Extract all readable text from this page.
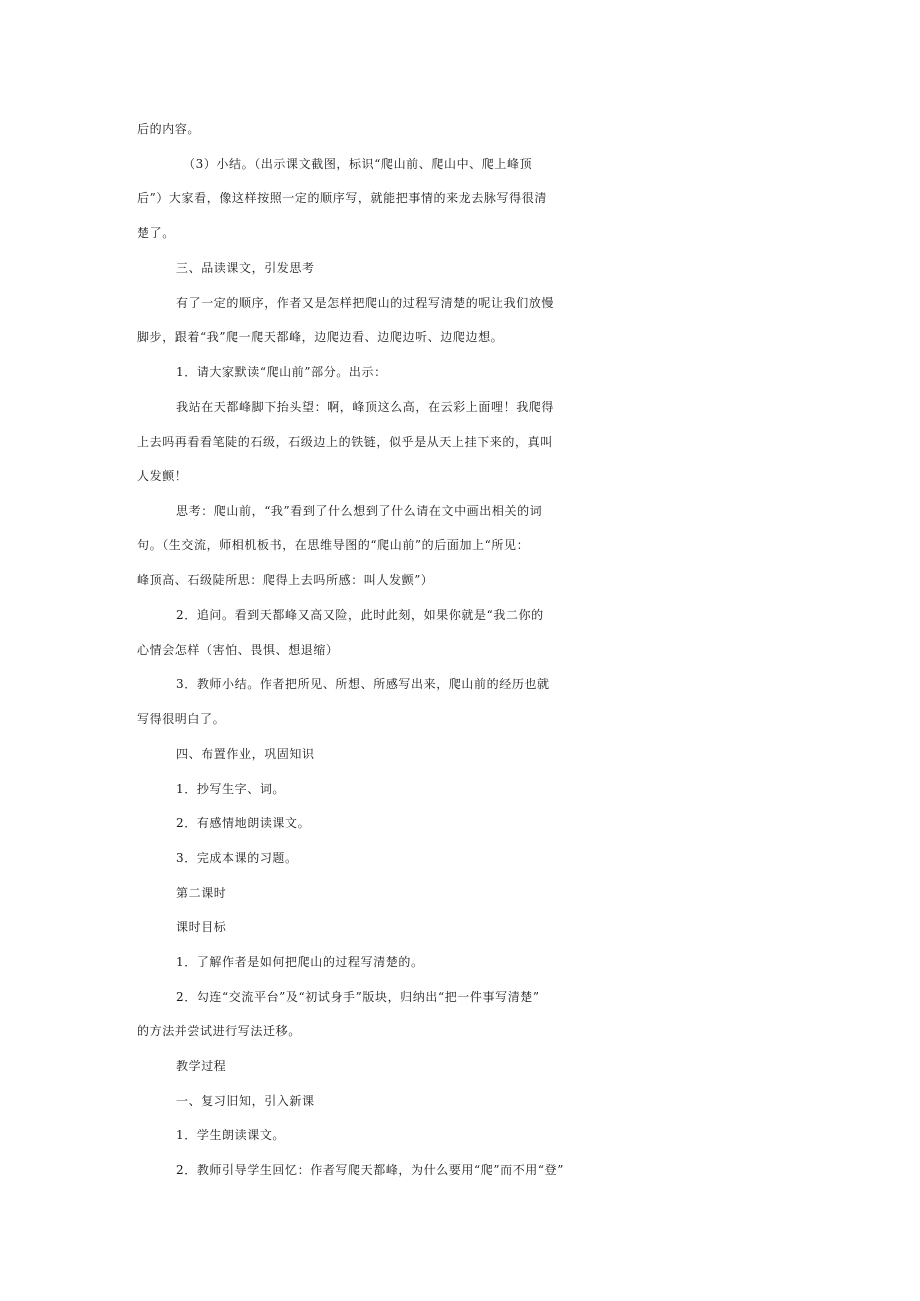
后的内容。
（3）小结。（出示课文截图，标识“爬山前、爬山中、爬上峰顶
后”）大家看，像这样按照一定的顺序写，就能把事情的来龙去脉写得很清
楚了。
三、品读课文，引发思考
有了一定的顺序，作者又是怎样把爬山的过程写清楚的呢让我们放慢
脚步，跟着“我”爬一爬天都峰，边爬边看、边爬边听、边爬边想。
1．请大家默读“爬山前”部分。出示：
我站在天都峰脚下抬头望：啊，峰顶这么高，在云彩上面哩！我爬得
上去吗再看看笔陡的石级，石级边上的铁链，似乎是从天上挂下来的，真叫
人发颤！
思考：爬山前，“我”看到了什么想到了什么请在文中画出相关的词
句。（生交流，师相机板书，在思维导图的“爬山前”的后面加上“所见：
峰顶高、石级陡所思：爬得上去吗所感：叫人发颤”）
2．追问。看到天都峰又高又险，此时此刻，如果你就是“我二你的
心情会怎样（害怕、畏惧、想退缩）
3．教师小结。作者把所见、所想、所感写出来，爬山前的经历也就
写得很明白了。
四、布置作业，巩固知识
1．抄写生字、词。
2．有感情地朗读课文。
3．完成本课的习题。
第二课时
课时目标
1．了解作者是如何把爬山的过程写清楚的。
2．勾连“交流平台”及“初试身手”版块，归纳出“把一件事写清楚”
的方法并尝试进行写法迁移。
教学过程
一、复习旧知，引入新课
1．学生朗读课文。
2．教师引导学生回忆：作者写爬天都峰，为什么要用“爬”而不用“登”
